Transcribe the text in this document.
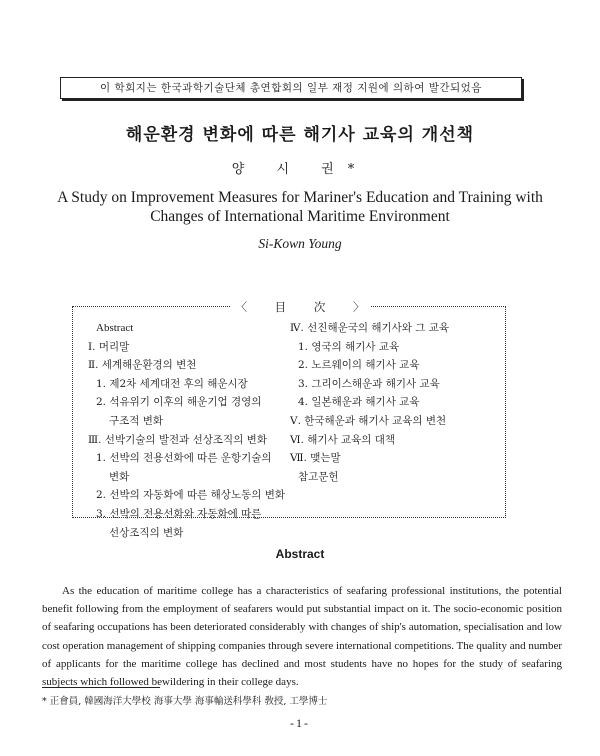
이 학회지는 한국과학기술단체 총연합회의 일부 재정 지원에 의하여 발간되었음
해운환경 변화에 따른 해기사 교육의 개선책
양 시 권*
A Study on Improvement Measures for Mariner's Education and Training with Changes of International Maritime Environment
Si-Kown Young
〈 目 次 〉
Abstract
Ⅰ. 머리말
Ⅱ. 세계해운환경의 변천
1. 제2차 세계대전 후의 해운시장
2. 석유위기 이후의 해운기업 경영의
구조적 변화
Ⅲ. 선박기술의 발전과 선상조직의 변화
1. 선박의 전용선화에 따른 운항기술의
변화
2. 선박의 자동화에 따른 해상노동의 변화
3. 선박의 전용선화와 자동화에 따른
선상조직의 변화
Ⅳ. 선진해운국의 해기사와 그 교육
1. 영국의 해기사 교육
2. 노르웨이의 해기사 교육
3. 그리이스해운과 해기사 교육
4. 일본해운과 해기사 교육
Ⅴ. 한국해운과 해기사 교육의 변천
Ⅵ. 해기사 교육의 대책
Ⅶ. 맺는말
참고문헌
Abstract
As the education of maritime college has a characteristics of seafaring professional institutions, the potential benefit following from the employment of seafarers would put substantial impact on it. The socio-economic position of seafaring occupations has been deteriorated considerably with changes of ship's automation, specialisation and low cost operation management of shipping companies through severe international competitions. The quality and number of applicants for the maritime college has declined and most students have no hopes for the study of seafaring subjects which followed bewildering in their college days.
* 正會員, 韓國海洋大學校 海事大學 海事輸送科學科 敎授, 工學博士
-1-
